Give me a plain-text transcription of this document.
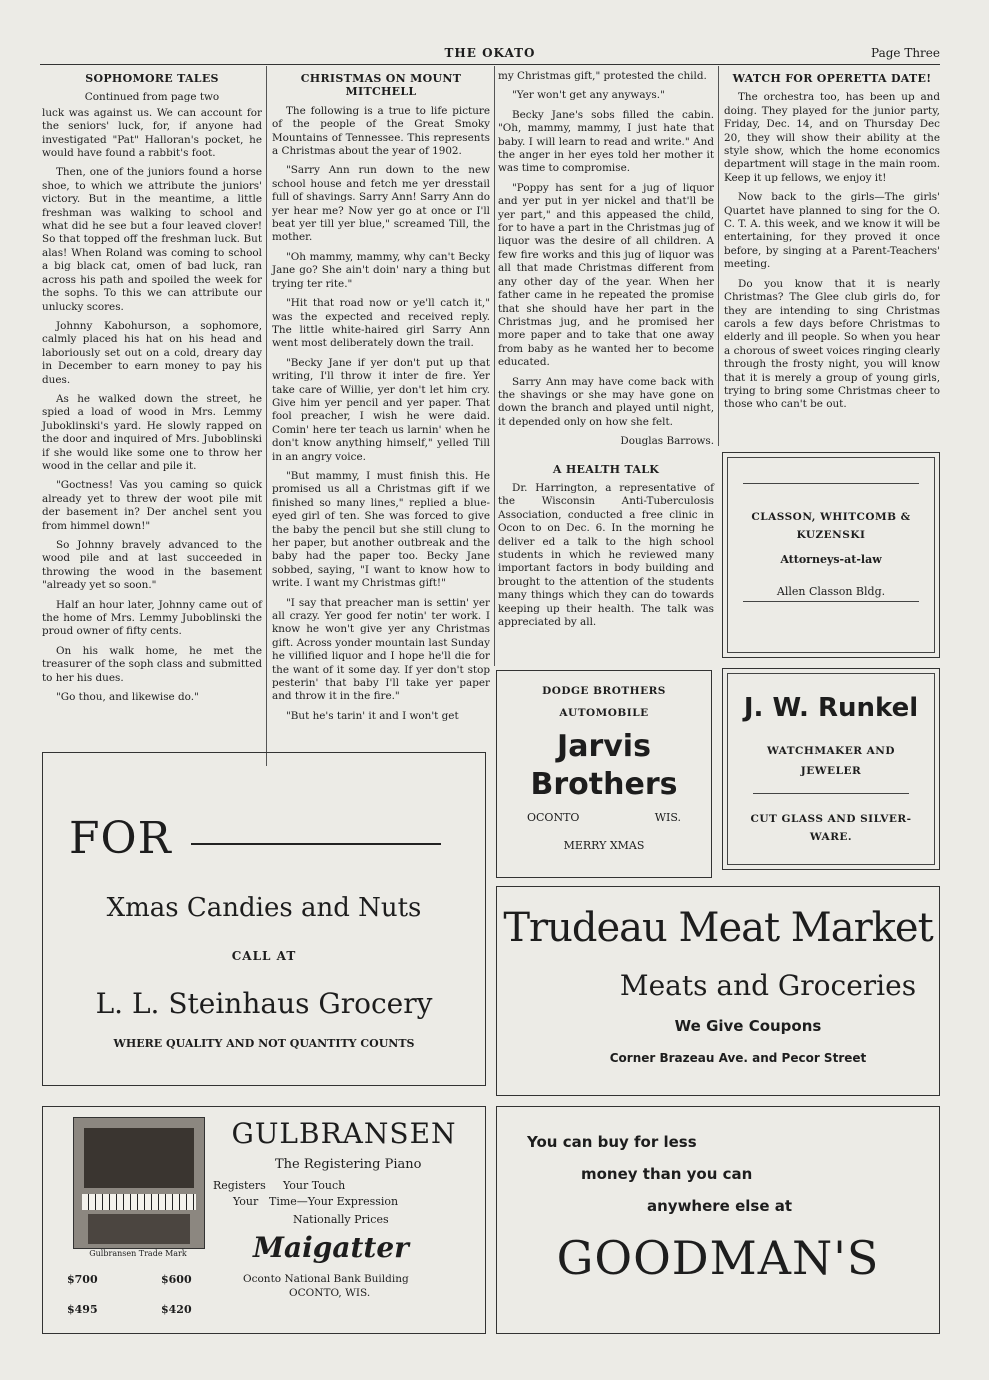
THE OKATO	Page Three
SOPHOMORE TALES

Continued from page two

luck was against us. We can account for the seniors' luck, for, if anyone had investigated "Pat" Halloran's pocket, he would have found a rabbit's foot.

Then, one of the juniors found a horse shoe, to which we attribute the juniors' victory. But in the meantime, a little freshman was walking to school and what did he see but a four leaved clover! So that topped off the freshman luck. But alas! When Roland was coming to school a big black cat, omen of bad luck, ran across his path and spoiled the week for the sophs. To this we can attribute our unlucky scores.

Johnny Kabohurson, a sophomore, calmly placed his hat on his head and laboriously set out on a cold, dreary day in December to earn money to pay his dues.

As he walked down the street, he spied a load of wood in Mrs. Lemmy Juboklinski's yard. He slowly rapped on the door and inquired of Mrs. Juboblinski if she would like some one to throw her wood in the cellar and pile it.

"Goctness! Vas you caming so quick already yet to threw der woot pile mit der basement in? Der anchel sent you from himmel down!"

So Johnny bravely advanced to the wood pile and at last succeeded in throwing the wood in the basement "already yet so soon."

Half an hour later, Johnny came out of the home of Mrs. Lemmy Juboblinski the proud owner of fifty cents.

On his walk home, he met the treasurer of the soph class and submitted to her his dues.

"Go thou, and likewise do."

CHRISTMAS ON MOUNT MITCHELL

The following is a true to life picture of the people of the Great Smoky Mountains of Tennessee. This represents a Christmas about the year of 1902.

"Sarry Ann run down to the new school house and fetch me yer dresstail full of shavings. Sarry Ann! Sarry Ann do yer hear me? Now yer go at once or I'll beat yer till yer blue," screamed Till, the mother.

"Oh mammy, mammy, why can't Becky Jane go? She ain't doin' nary a thing but trying ter rite."

"Hit that road now or ye'll catch it," was the expected and received reply. The little white-haired girl Sarry Ann went most deliberately down the trail.

"Becky Jane if yer don't put up that writing, I'll throw it inter de fire. Yer take care of Willie, yer don't let him cry. Give him yer pencil and yer paper. That fool preacher, I wish he were daid. Comin' here ter teach us larnin' when he don't know anything himself," yelled Till in an angry voice.

"But mammy, I must finish this. He promised us all a Christmas gift if we finished so many lines," replied a blue-eyed girl of ten. She was forced to give the baby the pencil but she still clung to her paper, but another outbreak and the baby had the paper too. Becky Jane sobbed, saying, "I want to know how to write. I want my Christmas gift!"

"I say that preacher man is settin' yer all crazy. Yer good fer notin' ter work. I know he won't give yer any Christmas gift. Across yonder mountain last Sunday he villified liquor and I hope he'll die for the want of it some day. If yer don't stop pesterin' that baby I'll take yer paper and throw it in the fire."

"But he's tarin' it and I won't get

my Christmas gift," protested the child.

"Yer won't get any anyways."

Becky Jane's sobs filled the cabin. "Oh, mammy, mammy, I just hate that baby. I will learn to read and write." And the anger in her eyes told her mother it was time to compromise.

"Poppy has sent for a jug of liquor and yer put in yer nickel and that'll be yer part," and this appeased the child, for to have a part in the Christmas jug of liquor was the desire of all children. A few fire works and this jug of liquor was all that made Christmas different from any other day of the year. When her father came in he repeated the promise that she should have her part in the Christmas jug, and he promised her more paper and to take that one away from baby as he wanted her to become educated.

Sarry Ann may have come back with the shavings or she may have gone on down the branch and played until night, it depended only on how she felt.

Douglas Barrows.

A HEALTH TALK

Dr. Harrington, a representative of the Wisconsin Anti-Tuberculosis Association, conducted a free clinic in Ocon to on Dec. 6. In the morning he deliver ed a talk to the high school students in which he reviewed many important factors in body building and brought to the attention of the students many things which they can do towards keeping up their health. The talk was appreciated by all.

WATCH FOR OPERETTA DATE!

The orchestra too, has been up and doing. They played for the junior party, Friday, Dec. 14, and on Thursday Dec 20, they will show their ability at the style show, which the home economics department will stage in the main room. Keep it up fellows, we enjoy it!

Now back to the girls—The girls' Quartet have planned to sing for the O. C. T. A. this week, and we know it will be entertaining, for they proved it once before, by singing at a Parent-Teachers' meeting.

Do you know that it is nearly Christmas? The Glee club girls do, for they are intending to sing Christmas carols a few days before Christmas to elderly and ill people. So when you hear a chorous of sweet voices ringing clearly through the frosty night, you will know that it is merely a group of young girls, trying to bring some Christmas cheer to those who can't be out.

CLASSON, WHITCOMB &
KUZENSKI
Attorneys-at-law
Allen Classon Bldg.
DODGE BROTHERS
AUTOMOBILE
Jarvis
Brothers
OCONTO	WIS.
MERRY XMAS
J. W. Runkel
WATCHMAKER AND
JEWELER
CUT GLASS AND SILVER-
WARE.
FOR
Xmas Candies and Nuts
CALL AT
L. L. Steinhaus Grocery
WHERE QUALITY AND NOT QUANTITY COUNTS
Trudeau Meat Market
Meats and Groceries
We Give Coupons
Corner Brazeau Ave. and Pecor Street
Gulbransen Trade Mark
$700	$600
$495	$420
GULBRANSEN
The Registering Piano
Registers Your Touch
Your Time—Your Expression
Nationally Prices
Maigatter
Oconto National Bank Building
OCONTO, WIS.
You can buy for less
money than you can
anywhere else at
GOODMAN'S
